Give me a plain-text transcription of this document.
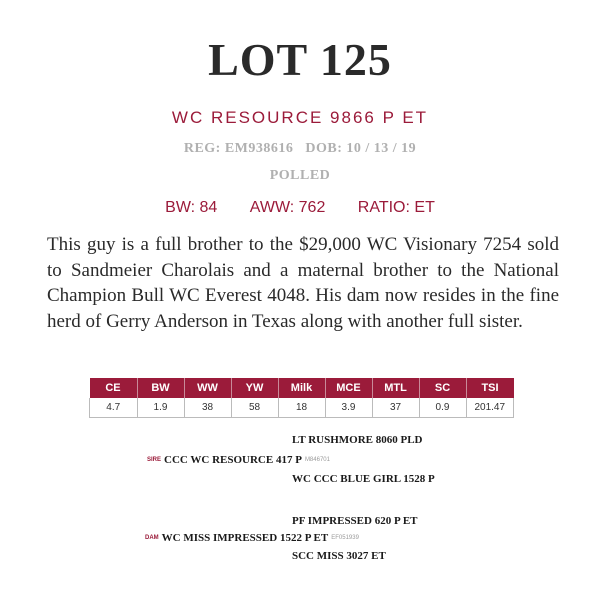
LOT 125
WC RESOURCE 9866 P ET
REG: EM938616 DOB: 10 / 13 / 19
POLLED
BW: 84 AWW: 762 RATIO: ET
This guy is a full brother to the $29,000 WC Visionary 7254 sold to Sandmeier Charolais and a maternal brother to the National Champion Bull WC Everest 4048. His dam now resides in the fine herd of Gerry Anderson in Texas along with another full sister.
CE	BW	WW	YW	Milk	MCE	MTL	SC	TSI
4.7	1.9	38	58	18	3.9	37	0.9	201.47
LT RUSHMORE 8060 PLD
SIRE CCC WC RESOURCE 417 P M846701
WC CCC BLUE GIRL 1528 P
PF IMPRESSED 620 P ET
DAM WC MISS IMPRESSED 1522 P ET EF051939
SCC MISS 3027 ET
